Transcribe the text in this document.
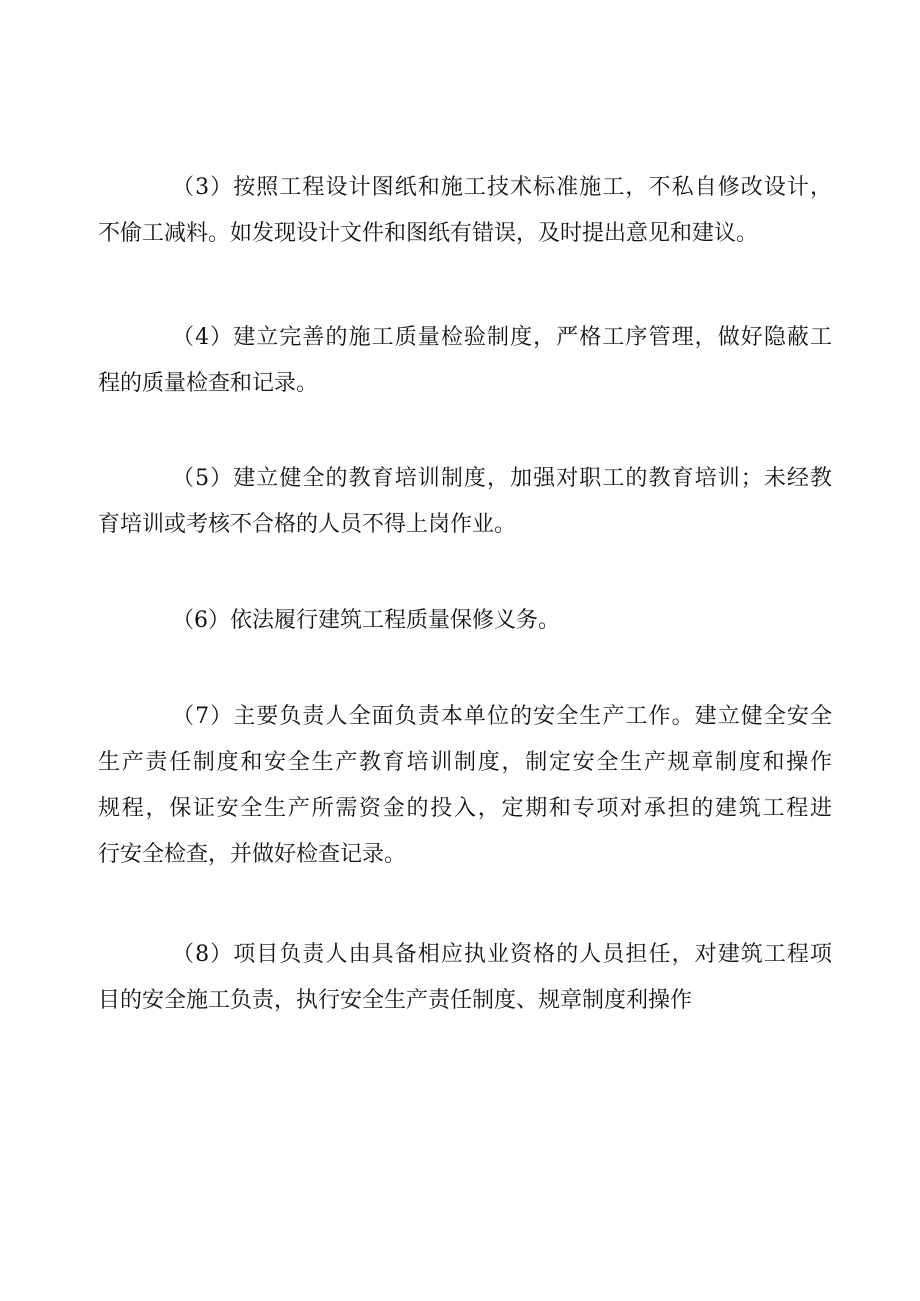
（3）按照工程设计图纸和施工技术标准施工，不私自修改设计，
不偷工减料。如发现设计文件和图纸有错误，及时提出意见和建议。

（4）建立完善的施工质量检验制度，严格工序管理，做好隐蔽工
程的质量检查和记录。

（5）建立健全的教育培训制度，加强对职工的教育培训；未经教
育培训或考核不合格的人员不得上岗作业。

（6）依法履行建筑工程质量保修义务。

（7）主要负责人全面负责本单位的安全生产工作。建立健全安全
生产责任制度和安全生产教育培训制度，制定安全生产规章制度和操作
规程，保证安全生产所需资金的投入，定期和专项对承担的建筑工程进
行安全检查，并做好检查记录。

（8）项目负责人由具备相应执业资格的人员担任，对建筑工程项
目的安全施工负责，执行安全生产责任制度、规章制度利操作
